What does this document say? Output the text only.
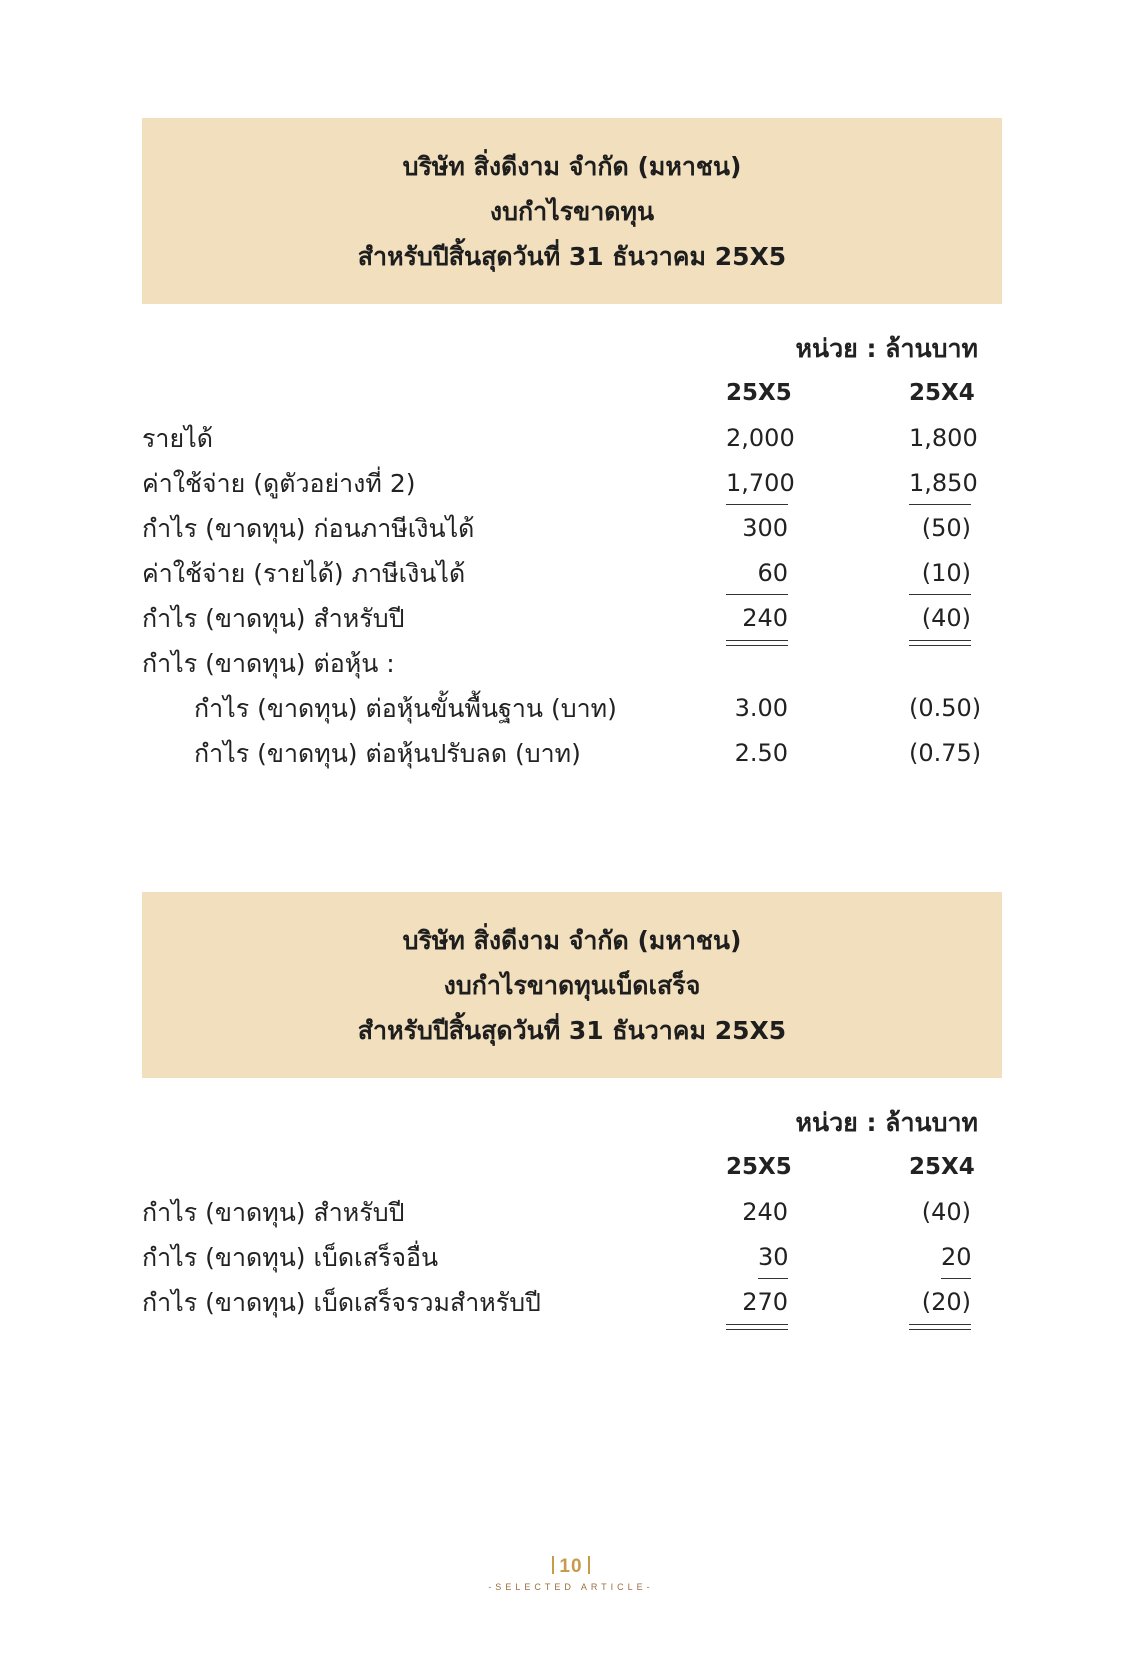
บริษัท สิ่งดีงาม จำกัด (มหาชน)
งบกำไรขาดทุน
สำหรับปีสิ้นสุดวันที่ 31 ธันวาคม 25X5
หน่วย : ล้านบาท
25X5	25X4
รายได้	2,000	1,800
ค่าใช้จ่าย (ดูตัวอย่างที่ 2)	1,700	1,850
กำไร (ขาดทุน) ก่อนภาษีเงินได้	300	(50)
ค่าใช้จ่าย (รายได้) ภาษีเงินได้	60	(10)
กำไร (ขาดทุน) สำหรับปี	240	(40)
กำไร (ขาดทุน) ต่อหุ้น :
กำไร (ขาดทุน) ต่อหุ้นขั้นพื้นฐาน (บาท)	3.00	(0.50)
กำไร (ขาดทุน) ต่อหุ้นปรับลด (บาท)	2.50	(0.75)
บริษัท สิ่งดีงาม จำกัด (มหาชน)
งบกำไรขาดทุนเบ็ดเสร็จ
สำหรับปีสิ้นสุดวันที่ 31 ธันวาคม 25X5
หน่วย : ล้านบาท
25X5	25X4
กำไร (ขาดทุน) สำหรับปี	240	(40)
กำไร (ขาดทุน) เบ็ดเสร็จอื่น	30	20
กำไร (ขาดทุน) เบ็ดเสร็จรวมสำหรับปี	270	(20)
10
-SELECTED ARTICLE-
